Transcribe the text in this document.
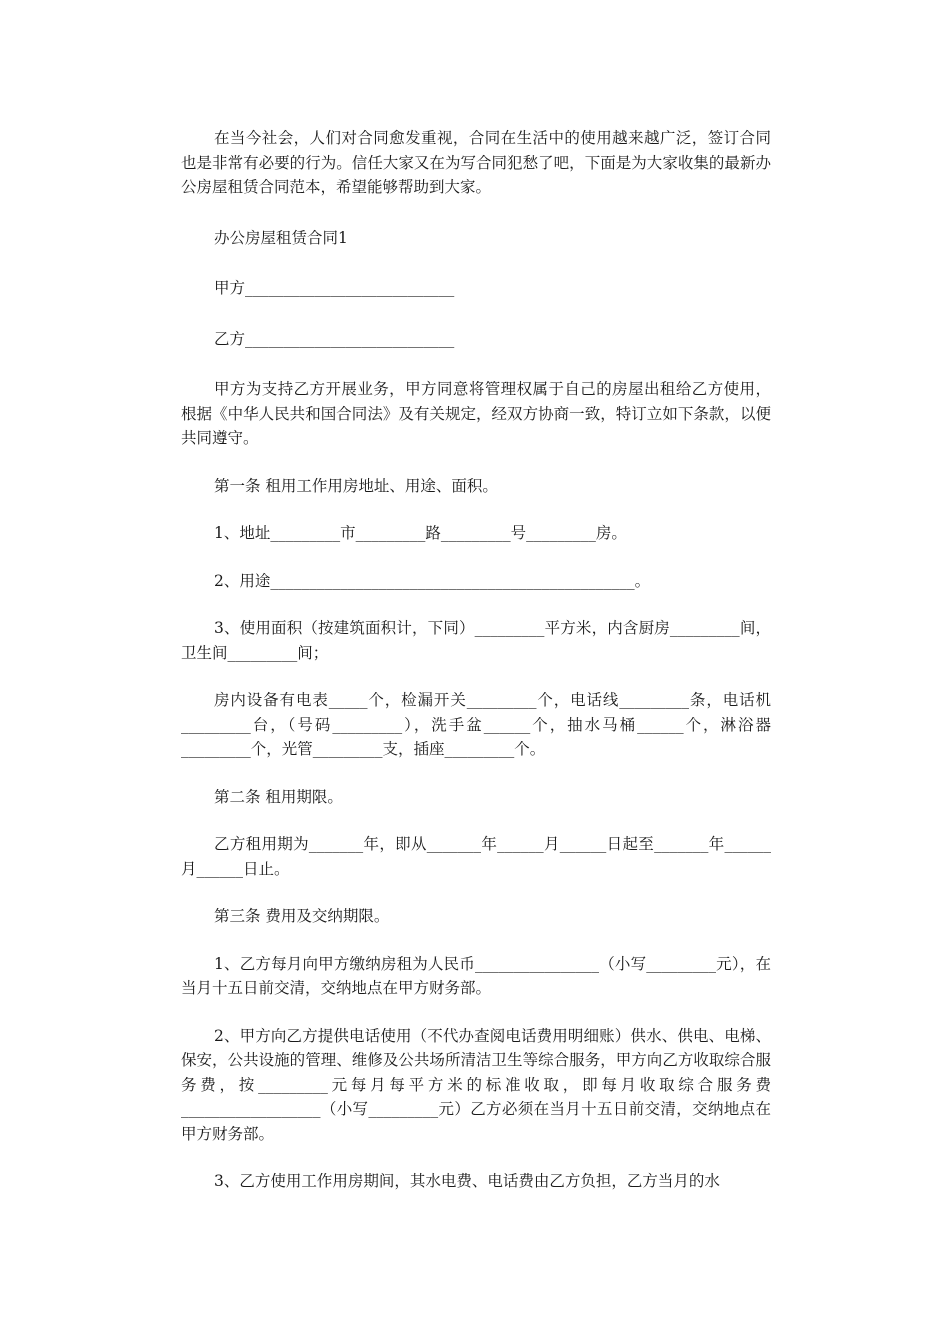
在当今社会，人们对合同愈发重视，合同在生活中的使用越来越广泛，签订合同也是非常有必要的行为。信任大家又在为写合同犯愁了吧，下面是为大家收集的最新办公房屋租赁合同范本，希望能够帮助到大家。

办公房屋租赁合同1

甲方___________________________

乙方___________________________

甲方为支持乙方开展业务，甲方同意将管理权属于自己的房屋出租给乙方使用，根据《中华人民共和国合同法》及有关规定，经双方协商一致，特订立如下条款，以便共同遵守。

第一条 租用工作用房地址、用途、面积。

1、地址_________市_________路_________号_________房。

2、用途_______________________________________________。

3、使用面积（按建筑面积计，下同）_________平方米，内含厨房_________间，卫生间_________间；

房内设备有电表_____个，检漏开关_________个，电话线_________条，电话机_________台，（号码_________），洗手盆______个，抽水马桶______个，淋浴器_________个，光管_________支，插座_________个。

第二条 租用期限。

乙方租用期为_______年，即从_______年______月______日起至_______年______月______日止。

第三条 费用及交纳期限。

1、乙方每月向甲方缴纳房租为人民币________________（小写_________元），在当月十五日前交清，交纳地点在甲方财务部。

2、甲方向乙方提供电话使用（不代办查阅电话费用明细账）供水、供电、电梯、保安，公共设施的管理、维修及公共场所清洁卫生等综合服务，甲方向乙方收取综合服务费，按_________元每月每平方米的标准收取，即每月收取综合服务费__________________（小写_________元）乙方必须在当月十五日前交清，交纳地点在甲方财务部。

3、乙方使用工作用房期间，其水电费、电话费由乙方负担，乙方当月的水
